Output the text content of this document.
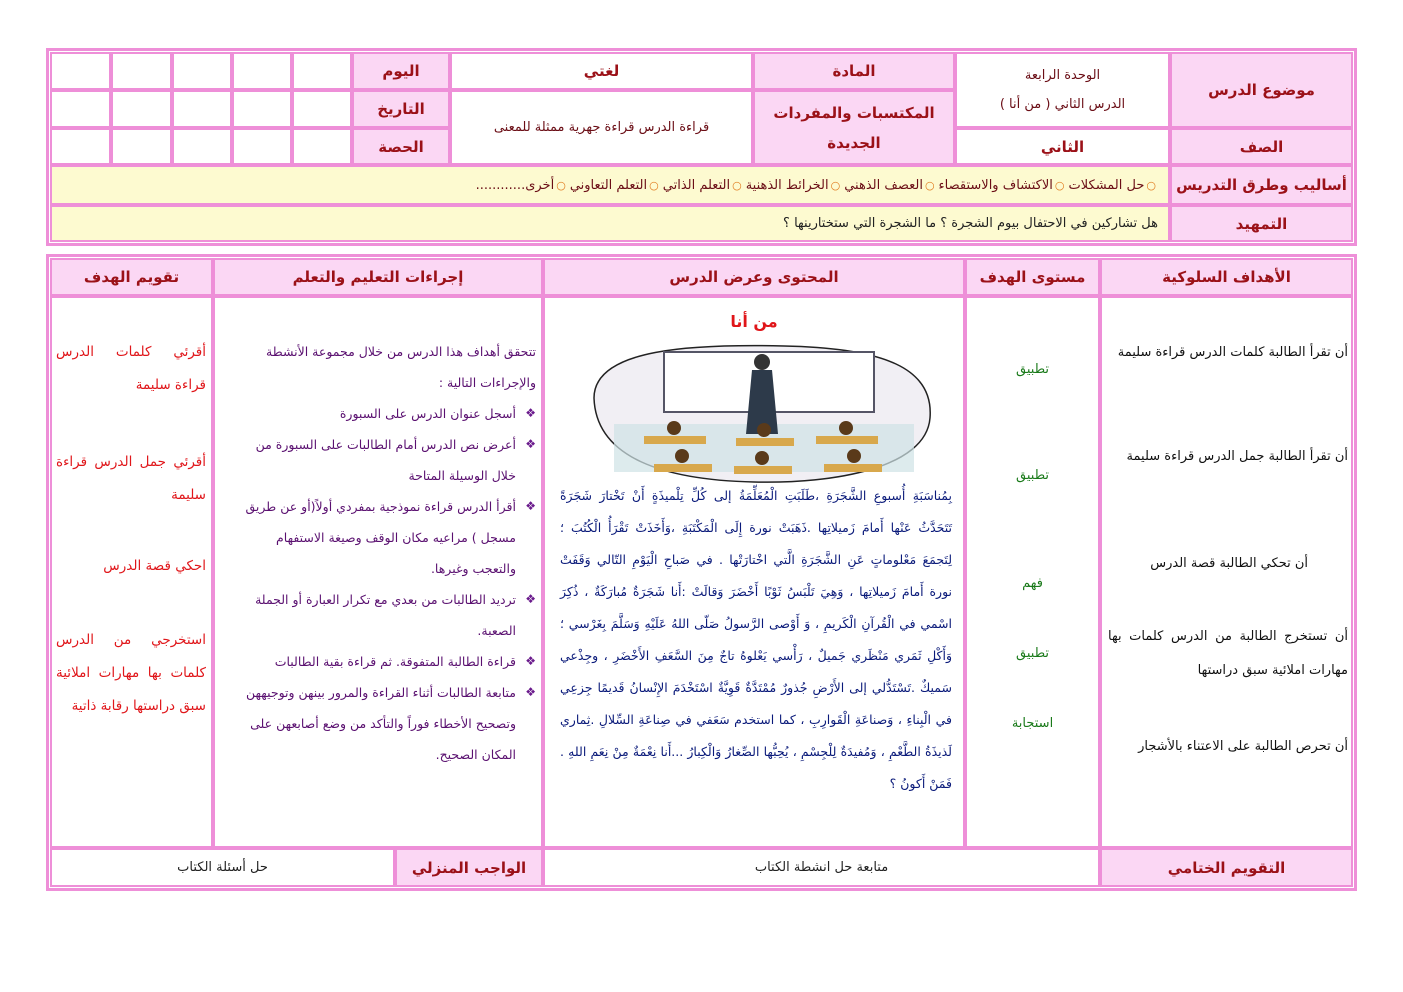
موضوع الدرس
الوحدة الرابعة
الدرس الثاني ( من أنا )
المادة
لغتي
اليوم
المكتسبات والمفردات الجديدة
قراءة الدرس قراءة جهرية ممثلة للمعنى
التاريخ
الصف
الثاني
الحصة
أساليب وطرق التدريس
○حل المشكلات
○الاكتشاف والاستقصاء
○العصف الذهني
○الخرائط الذهنية
○التعلم الذاتي
○التعلم التعاوني
○أخرى............
التمهيد
هل تشاركين في الاحتفال بيوم الشجرة ؟ ما الشجرة التي ستختارينها ؟
الأهداف السلوكية
مستوى الهدف
المحتوى وعرض الدرس
إجراءات التعليم والتعلم
تقويم الهدف
أن تقرأ الطالبة كلمات الدرس قراءة سليمة
أن تقرأ الطالبة جمل الدرس قراءة سليمة
أن تحكي الطالبة قصة الدرس
أن تستخرج الطالبة من الدرس كلمات بها مهارات املائية سبق دراستها
أن تحرص الطالبة على الاعتناء بالأشجار
تطبيق
تطبيق
فهم
تطبيق
استجابة
من أنا
بِمُناسَبَةِ أُسبوعِ الشَّجَرَةِ ،طَلَبَتِ الْمُعَلِّمَةُ إلى كُلِّ تِلْميذَةٍ أَنْ تَخْتارَ شَجَرَةً تَتَحَدَّثُ عَنْها أَمامَ زَميلاتِها .ذَهَبَتْ نورة إِلَى الْمَكْتَبَةِ ،وَأَخَذَتْ تَقْرَأُ الْكُتُبَ ؛ لِتَجمَعَ مَعْلوماتٍ عَنِ الشَّجَرَةِ الَّتي اخْتارَتْها . في صَباحِ الْيَوْمِ التّالي وَقَفَتْ نورة أَمامَ زَميلاتِها ، وَهِيَ تَلْبَسُ ثَوْبًا أَخْضَرَ وَقالَتْ :أَنا شَجَرَةٌ مُبارَكَةٌ ، ذُكِرَ اسْمي في الْقُرآنِ الْكَريمِ ، وَ أَوْصى الرَّسولُ صَلّى اللهُ عَلَيْهِ وَسَلَّمَ بِغَرْسي ؛ وَأَكْلِ ثَمَري مَنْظَري جَميلٌ ، رَأْسي يَعْلوهُ تاجٌ مِنَ السَّعَفِ الأَخْضَرِ ، وجِذْعي سَميكٌ .تَسْتَدُّلي إلى الأَرْضِ جُذورٌ مُمْتَدَّةٌ قَوِيَّةٌ اسْتَخْدَمَ الإِنْسانُ قَديمًا جِزعِي في الْبِناءِ ، وَصناعَةِ الْقَوارِبِ ، كما استخدم سَعَفي في صِناعَةِ السِّلالِ .ثِماري لَذيذَةُ الطَّعْمِ ، وَمُفيدَةٌ لِلْجِسْمِ ، يُحِبُّها الصِّغارُ وَالْكِبارُ ...أَنا نِعْمَةٌ مِنْ نِعَمِ اللهِ . فَمَنْ أَكونُ ؟
تتحقق أهداف هذا الدرس من خلال مجموعة الأنشطة والإجراءات التالية :
❖ أسجل عنوان الدرس على السبورة
❖ أعرض نص الدرس أمام الطالبات على السبورة من خلال الوسيلة المتاحة
❖ أقرأ الدرس قراءة نموذجية بمفردي أولاً(أو عن طريق مسجل ) مراعيه مكان الوقف وصيغة الاستفهام والتعجب وغيرها.
❖ ترديد الطالبات من بعدي مع تكرار العبارة أو الجملة الصعبة.
❖ قراءة الطالبة المتفوقة. ثم قراءة بقية الطالبات
❖ متابعة الطالبات أثناء القراءة والمرور بينهن وتوجيههن وتصحيح الأخطاء فوراً والتأكد من وضع أصابعهن على المكان الصحيح.
أقرئي كلمات الدرس قراءة سليمة
أقرئي جمل الدرس قراءة سليمة
احكي قصة الدرس
استخرجي من الدرس كلمات بها مهارات املائية سبق دراستها رقابة ذاتية
التقويم الختامي
متابعة حل انشطة الكتاب
الواجب المنزلي
حل أسئلة الكتاب
